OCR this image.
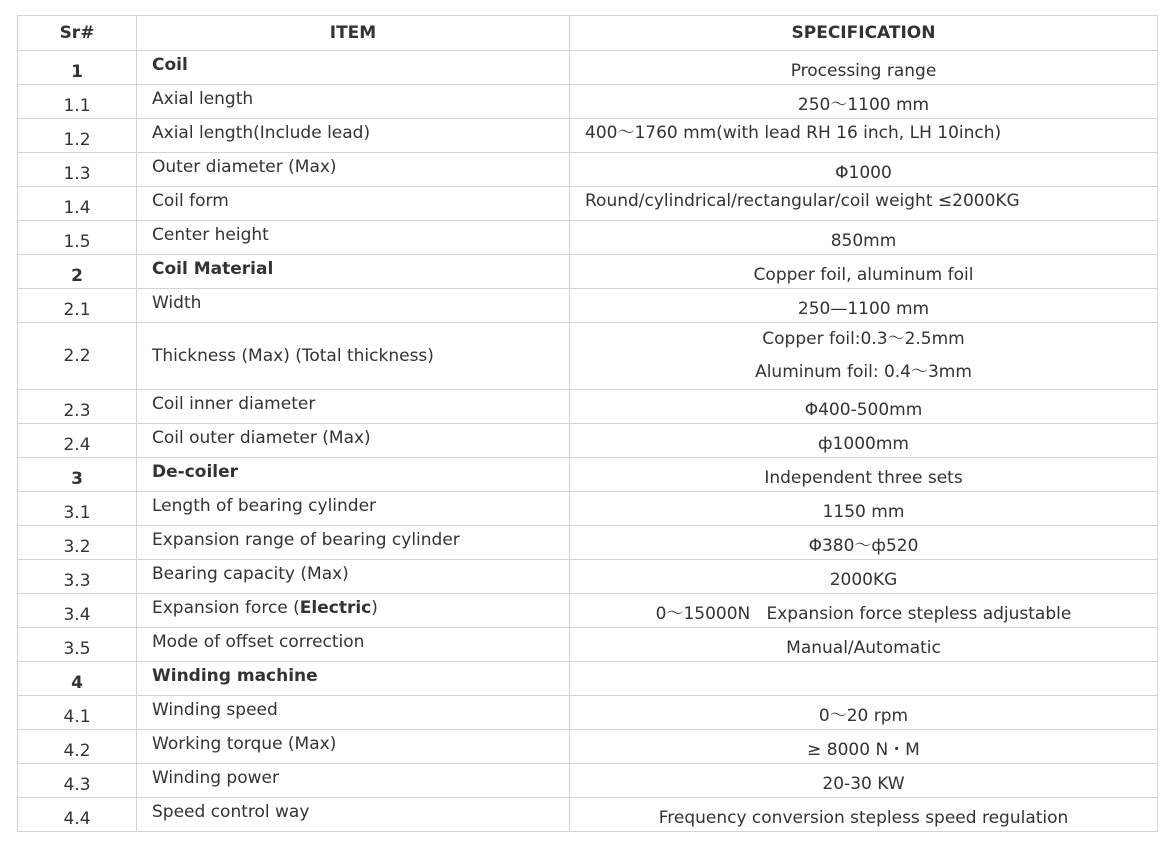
Sr#	ITEM	SPECIFICATION
1	Coil	Processing range
1.1	Axial length	250～1100 mm
1.2	Axial length(Include lead)	400～1760 mm(with lead RH 16 inch, LH 10inch)
1.3	Outer diameter (Max)	Φ1000
1.4	Coil form	Round/cylindrical/rectangular/coil weight ≤2000KG
1.5	Center height	850mm
2	Coil Material	Copper foil, aluminum foil
2.1	Width	250—1100 mm
2.2	Thickness (Max) (Total thickness)	Copper foil:0.3～2.5mm
Aluminum foil: 0.4～3mm

2.3	Coil inner diameter	Φ400-500mm
2.4	Coil outer diameter (Max)	ф1000mm
3	De-coiler	Independent three sets
3.1	Length of bearing cylinder	1150 mm
3.2	Expansion range of bearing cylinder	Φ380～ф520
3.3	Bearing capacity (Max)	2000KG
3.4	Expansion force (Electric)	0～15000N   Expansion force stepless adjustable
3.5	Mode of offset correction	Manual/Automatic
4	Winding machine	
4.1	Winding speed	0～20 rpm
4.2	Working torque (Max)	≥ 8000 N・M
4.3	Winding power	20-30 KW
4.4	Speed control way	Frequency conversion stepless speed regulation
